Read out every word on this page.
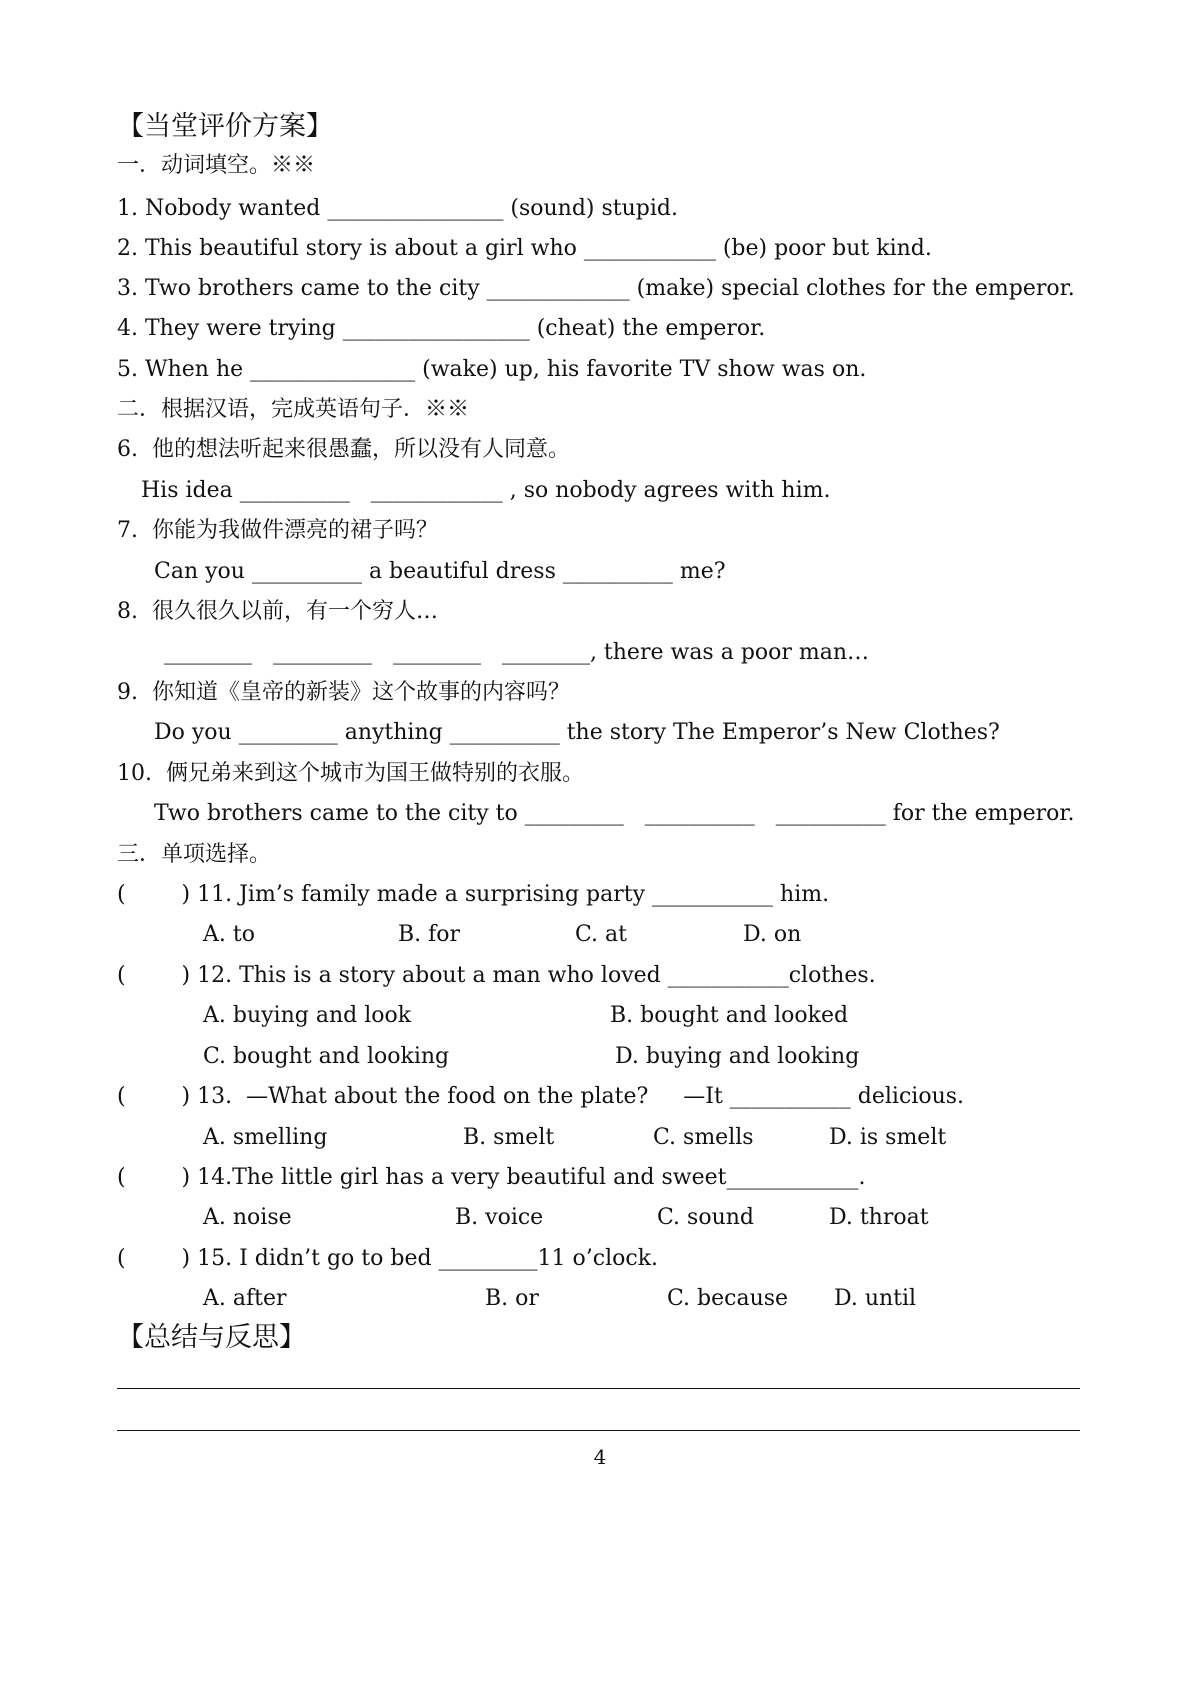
【当堂评价方案】
一．动词填空。※※
1. Nobody wanted ________________ (sound) stupid.
2. This beautiful story is about a girl who ____________ (be) poor but kind.
3. Two brothers came to the city _____________ (make) special clothes for the emperor.
4. They were trying _________________ (cheat) the emperor.
5. When he _______________ (wake) up, his favorite TV show was on.
二．根据汉语，完成英语句子．※※
6.  他的想法听起来很愚蠢，所以没有人同意。
His idea __________   ____________ , so nobody agrees with him.
7.  你能为我做件漂亮的裙子吗？
Can you __________ a beautiful dress __________ me?
8.  很久很久以前，有一个穷人…
________   _________   ________   ________, there was a poor man…
9.  你知道《皇帝的新装》这个故事的内容吗？
Do you _________ anything __________ the story The Emperor’s New Clothes?
10.  俩兄弟来到这个城市为国王做特别的衣服。
Two brothers came to the city to _________   __________   __________ for the emperor.
三．单项选择。
(        ) 11. Jim’s family made a surprising party ___________ him.
A. to	B. for	C. at	D. on
(        ) 12. This is a story about a man who loved ___________clothes.
A. buying and look	B. bought and looked
C. bought and looking	D. buying and looking
(        ) 13.  —What about the food on the plate?     —It ___________ delicious.
A. smelling	B. smelt	C. smells	D. is smelt
(        ) 14.The little girl has a very beautiful and sweet____________.
A. noise	B. voice	C. sound	D. throat
(        ) 15. I didn’t go to bed _________11 o’clock.
A. after	B. or	C. because	D. until
【总结与反思】
4
